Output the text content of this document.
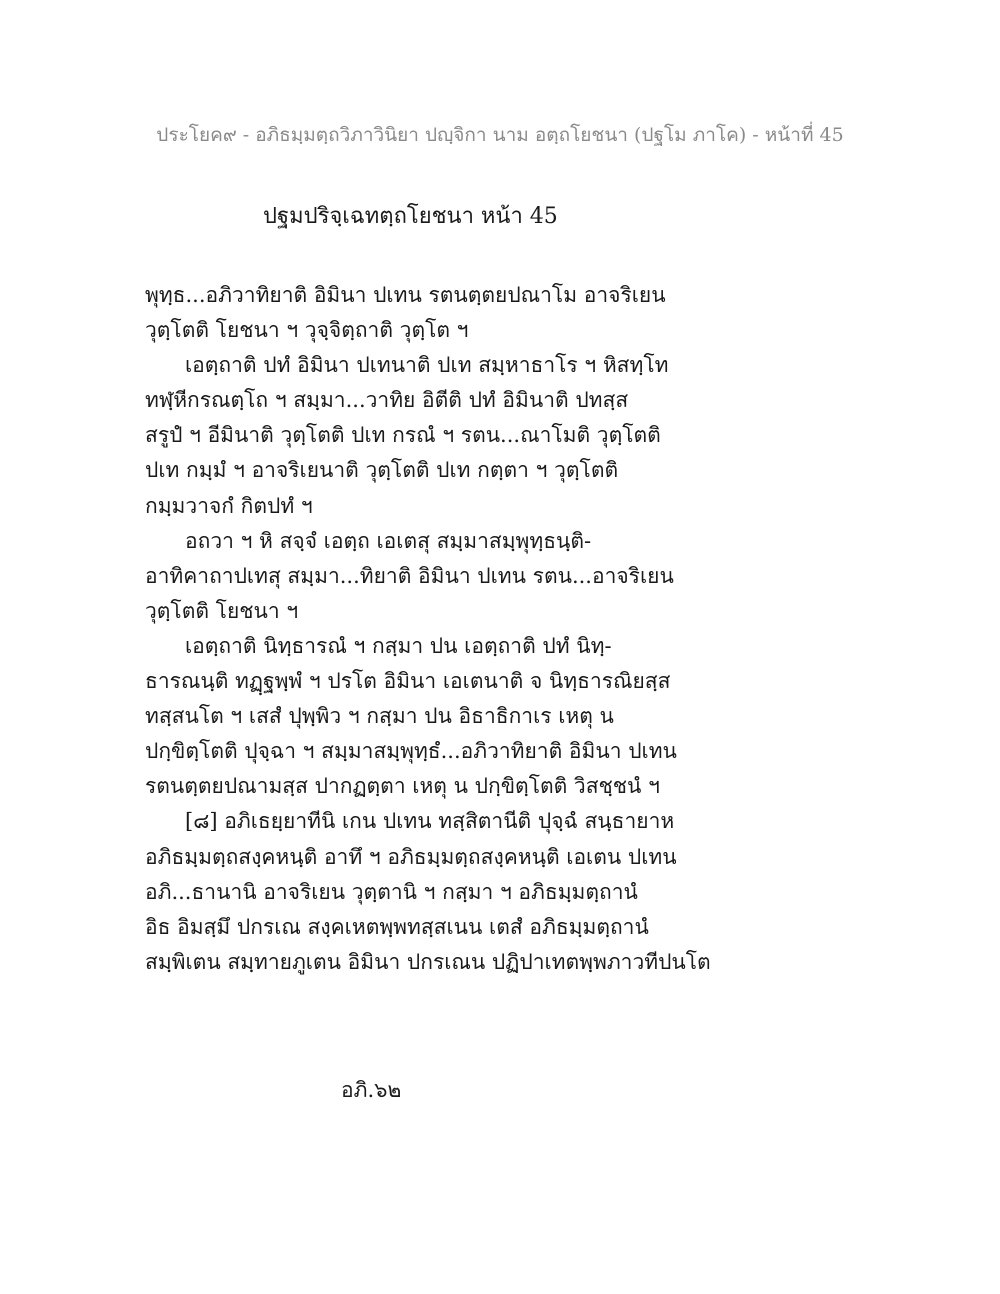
ประโยค๙ - อภิธมฺมตฺถวิภาวินิยา ปญฺจิกา นาม อตฺถโยชนา (ปฐโม ภาโค) - หน้าที่ 45
ปฐมปริจฺเฉทตฺถโยชนา หน้า 45
พุทฺธ...อภิวาทิยาติ อิมินา ปเทน รตนตฺตยปณาโม อาจริเยน
วุตฺโตติ โยชนา ฯ วุจฺจิตฺถาติ วุตฺโต ฯ
เอตฺถาติ ปทํ อิมินา ปเทนาติ ปเท สมฺหาธาโร ฯ หิสทฺโท
ทฬฺหีกรณตฺโถ ฯ สมฺมา...วาทิย อิตีติ ปทํ อิมินาติ ปทสฺส
สรูปํ ฯ อีมินาติ วุตฺโตติ ปเท กรณํ ฯ รตน...ณาโมติ วุตฺโตติ
ปเท กมฺมํ ฯ อาจริเยนาติ วุตฺโตติ ปเท กตฺตา ฯ วุตฺโตติ
กมฺมวาจกํ กิตปทํ ฯ
อถวา ฯ หิ สจฺจํ เอตฺถ เอเตสุ สมฺมาสมฺพุทฺธนฺติ-
อาทิคาถาปเทสุ สมฺมา...ทิยาติ อิมินา ปเทน รตน...อาจริเยน
วุตฺโตติ โยชนา ฯ
เอตฺถาติ นิทฺธารณํ ฯ กสฺมา ปน เอตฺถาติ ปทํ นิทฺ-
ธารณนฺติ ทฏฺฐพฺพํ ฯ ปรโต อิมินา เอเตนาติ จ นิทฺธารณิยสฺส
ทสฺสนโต ฯ เสสํ ปุพฺพิว ฯ กสฺมา ปน อิธาธิกาเร เหตุ น
ปกฺขิตฺโตติ ปุจฺฉา ฯ สมฺมาสมฺพุทฺธํ...อภิวาทิยาติ อิมินา ปเทน
รตนตฺตยปณามสฺส ปากฏตฺตา เหตุ น ปกฺขิตฺโตติ วิสชฺชนํ ฯ
[๘] อภิเธยฺยาทีนิ เกน ปเทน ทสฺสิตานีติ ปุจฺฉํ สนฺธายาห
อภิธมฺมตฺถสงฺคหนฺติ อาทึ ฯ อภิธมฺมตฺถสงฺคหนฺติ เอเตน ปเทน
อภิ...ธานานิ อาจริเยน วุตฺตานิ ฯ กสฺมา ฯ อภิธมฺมตฺถานํ
อิธ อิมสฺมึ ปกรเณ สงฺคเหตพฺพทสฺสเนน เตสํ อภิธมฺมตฺถานํ
สมฺพิเตน สมฺทายภูเตน อิมินา ปกรเณน ปฏิปาเทตพฺพภาวทีปนโต
อภิ.๖๒
